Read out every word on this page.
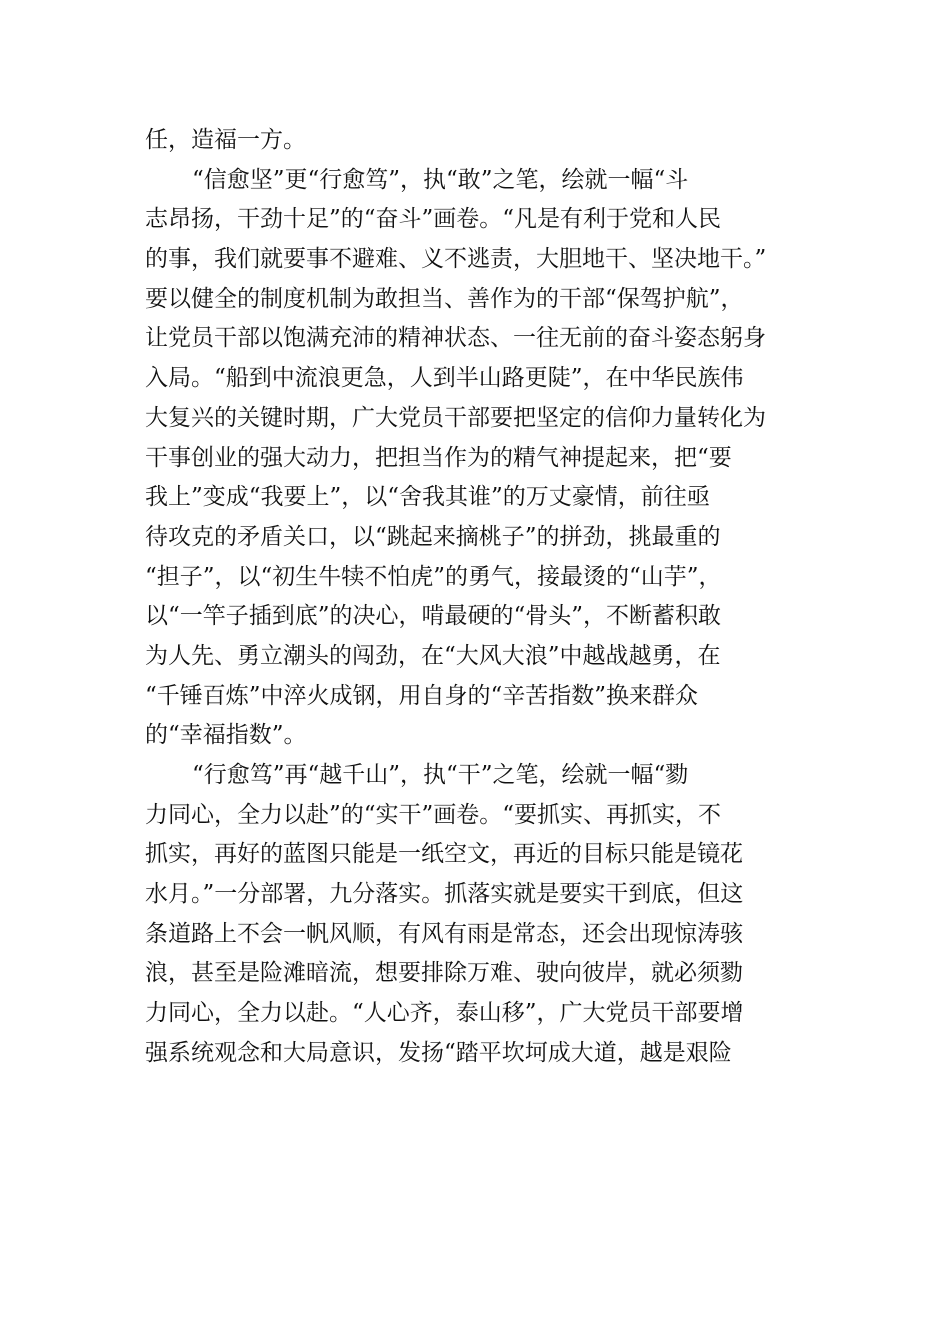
任，造福一方。
“信愈坚”更“行愈笃”，执“敢”之笔，绘就一幅“斗
志昂扬，干劲十足”的“奋斗”画卷。“凡是有利于党和人民
的事，我们就要事不避难、义不逃责，大胆地干、坚决地干。”
要以健全的制度机制为敢担当、善作为的干部“保驾护航”，
让党员干部以饱满充沛的精神状态、一往无前的奋斗姿态躬身
入局。“船到中流浪更急，人到半山路更陡”，在中华民族伟
大复兴的关键时期，广大党员干部要把坚定的信仰力量转化为
干事创业的强大动力，把担当作为的精气神提起来，把“要
我上”变成“我要上”，以“舍我其谁”的万丈豪情，前往亟
待攻克的矛盾关口，以“跳起来摘桃子”的拼劲，挑最重的
“担子”，以“初生牛犊不怕虎”的勇气，接最烫的“山芋”，
以“一竿子插到底”的决心，啃最硬的“骨头”，不断蓄积敢
为人先、勇立潮头的闯劲，在“大风大浪”中越战越勇，在
“千锤百炼”中淬火成钢，用自身的“辛苦指数”换来群众
的“幸福指数”。
“行愈笃”再“越千山”，执“干”之笔，绘就一幅“勠
力同心，全力以赴”的“实干”画卷。“要抓实、再抓实，不
抓实，再好的蓝图只能是一纸空文，再近的目标只能是镜花
水月。”一分部署，九分落实。抓落实就是要实干到底，但这
条道路上不会一帆风顺，有风有雨是常态，还会出现惊涛骇
浪，甚至是险滩暗流，想要排除万难、驶向彼岸，就必须勠
力同心，全力以赴。“人心齐，泰山移”，广大党员干部要增
强系统观念和大局意识，发扬“踏平坎坷成大道，越是艰险
